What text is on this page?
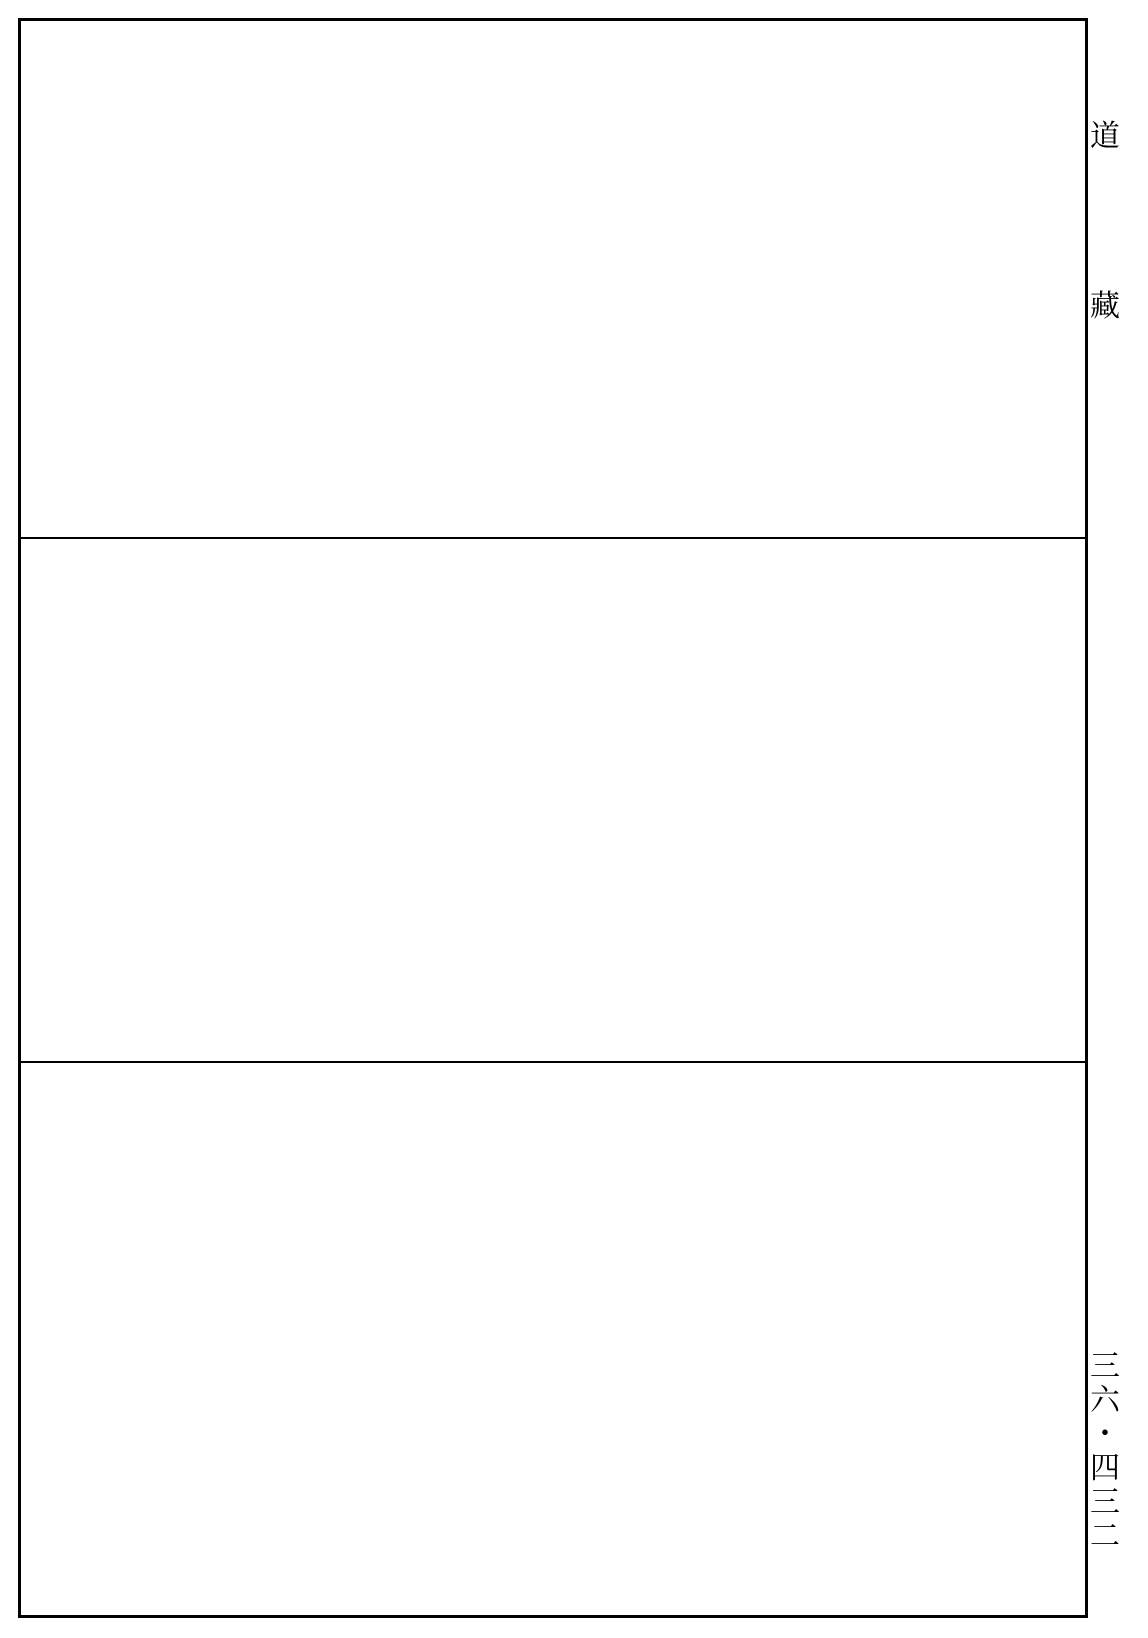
道

藏
三
六
・
四
三
二
